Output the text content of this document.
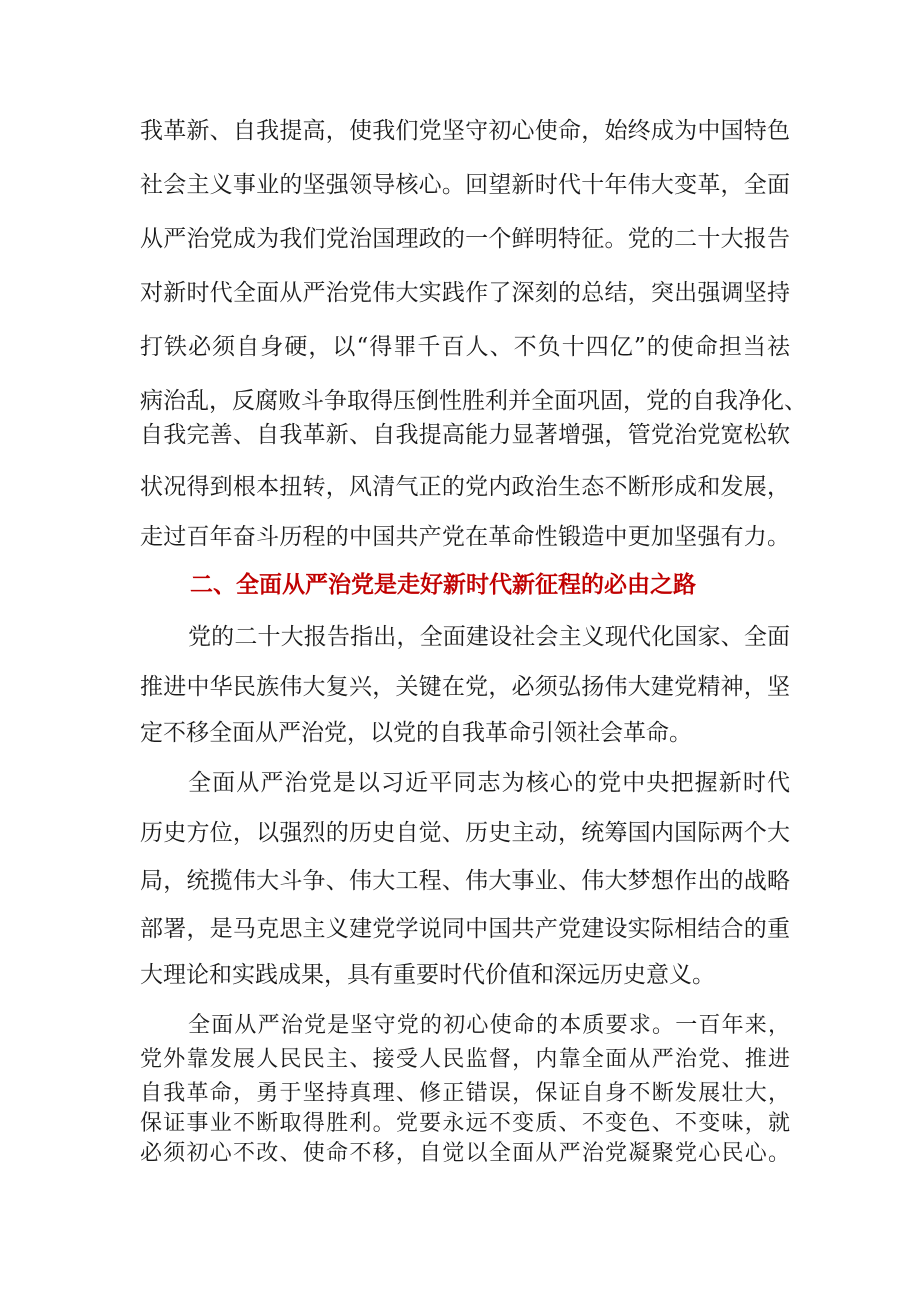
我革新、自我提高，使我们党坚守初心使命，始终成为中国特色
社会主义事业的坚强领导核心。回望新时代十年伟大变革，全面
从严治党成为我们党治国理政的一个鲜明特征。党的二十大报告
对新时代全面从严治党伟大实践作了深刻的总结，突出强调坚持
打铁必须自身硬，以“得罪千百人、不负十四亿”的使命担当祛
病治乱，反腐败斗争取得压倒性胜利并全面巩固，党的自我净化、
自我完善、自我革新、自我提高能力显著增强，管党治党宽松软
状况得到根本扭转，风清气正的党内政治生态不断形成和发展，
走过百年奋斗历程的中国共产党在革命性锻造中更加坚强有力。
二、全面从严治党是走好新时代新征程的必由之路
党的二十大报告指出，全面建设社会主义现代化国家、全面
推进中华民族伟大复兴，关键在党，必须弘扬伟大建党精神，坚
定不移全面从严治党，以党的自我革命引领社会革命。
全面从严治党是以习近平同志为核心的党中央把握新时代
历史方位，以强烈的历史自觉、历史主动，统筹国内国际两个大
局，统揽伟大斗争、伟大工程、伟大事业、伟大梦想作出的战略
部署，是马克思主义建党学说同中国共产党建设实际相结合的重
大理论和实践成果，具有重要时代价值和深远历史意义。
全面从严治党是坚守党的初心使命的本质要求。一百年来，
党外靠发展人民民主、接受人民监督，内靠全面从严治党、推进
自我革命，勇于坚持真理、修正错误，保证自身不断发展壮大，
保证事业不断取得胜利。党要永远不变质、不变色、不变味，就
必须初心不改、使命不移，自觉以全面从严治党凝聚党心民心。
